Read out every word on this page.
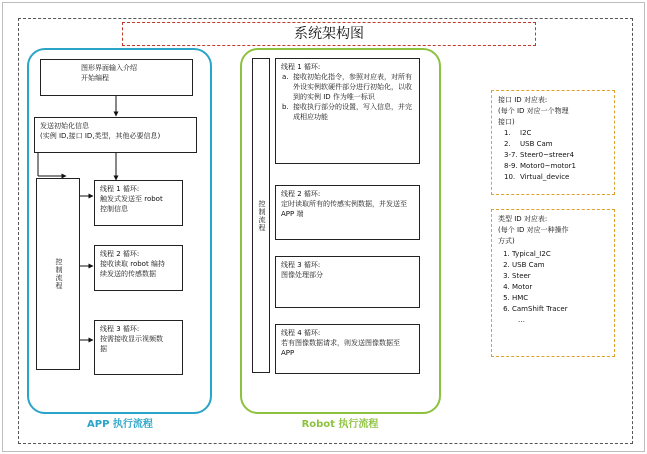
系统架构图
APP 执行流程
图形界面输入介绍
开始编程
发送初始化信息
(实例 ID,接口 ID,类型，其他必要信息)
控制流程
线程 1 循环:
触发式发送至 robot
控制信息
线程 2 循环:
接收读取 robot 编持
续发送的传感数据
线程 3 循环:
按需接收显示视频数
据
Robot 执行流程
控制流程
线程 1 循环:
a. 接收初始化指令，参照对应表，对所有外设实例软硬件部分进行初始化，以收到的实例 ID 作为唯一标识
b. 接收执行部分的设置，写入信息，并完成相应功能
线程 2 循环:
定时读取所有的传感实例数据，并发送至 APP 端
线程 3 循环:
图像处理部分
线程 4 循环:
若有图像数据请求，则发送图像数据至 APP
接口 ID 对应表:
(每个 ID 对应一个物理
接口)
1. I2C
2. USB Cam
3-7. Steer0~streer4
8-9. Motor0~motor1
10. Virtual_device
类型 ID 对应表:
(每个 ID 对应一种操作
方式)
1. Typical_I2C
2. USB Cam
3. Steer
4. Motor
5. HMC
6. CamShift Tracer
…
